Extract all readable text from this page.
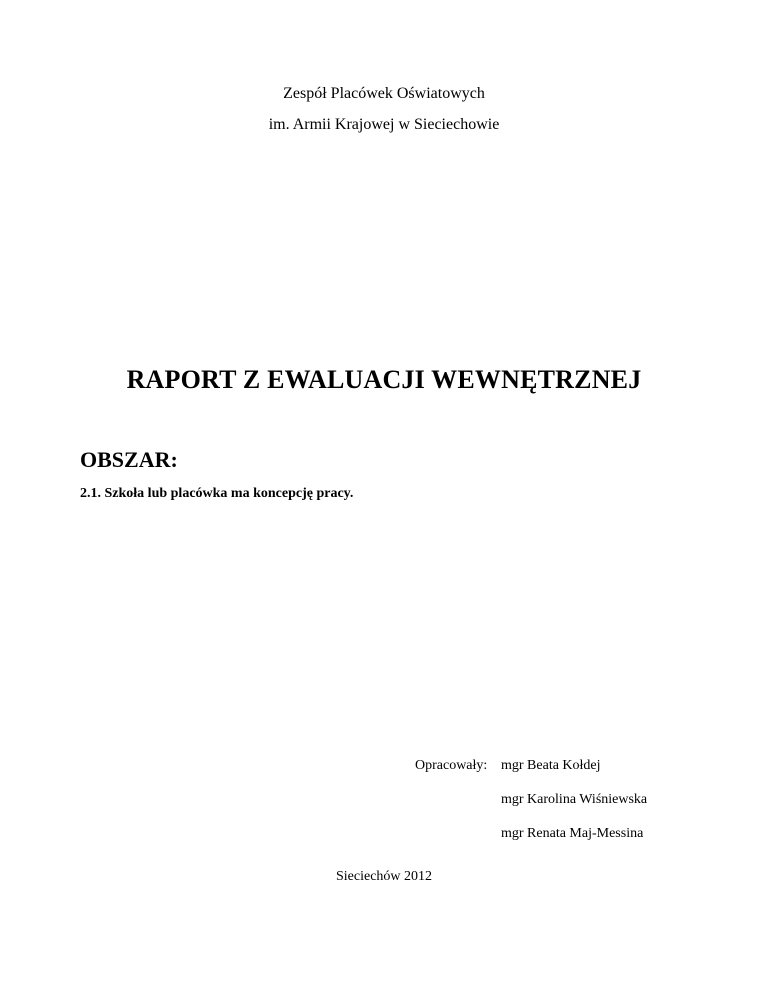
Zespół Placówek Oświatowych
im. Armii Krajowej w Sieciechowie
RAPORT Z EWALUACJI WEWNĘTRZNEJ
OBSZAR:
2.1. Szkoła lub placówka ma koncepcję pracy.
Opracowały: mgr Beata Kołdej
mgr Karolina Wiśniewska
mgr Renata Maj-Messina
Sieciechów 2012
